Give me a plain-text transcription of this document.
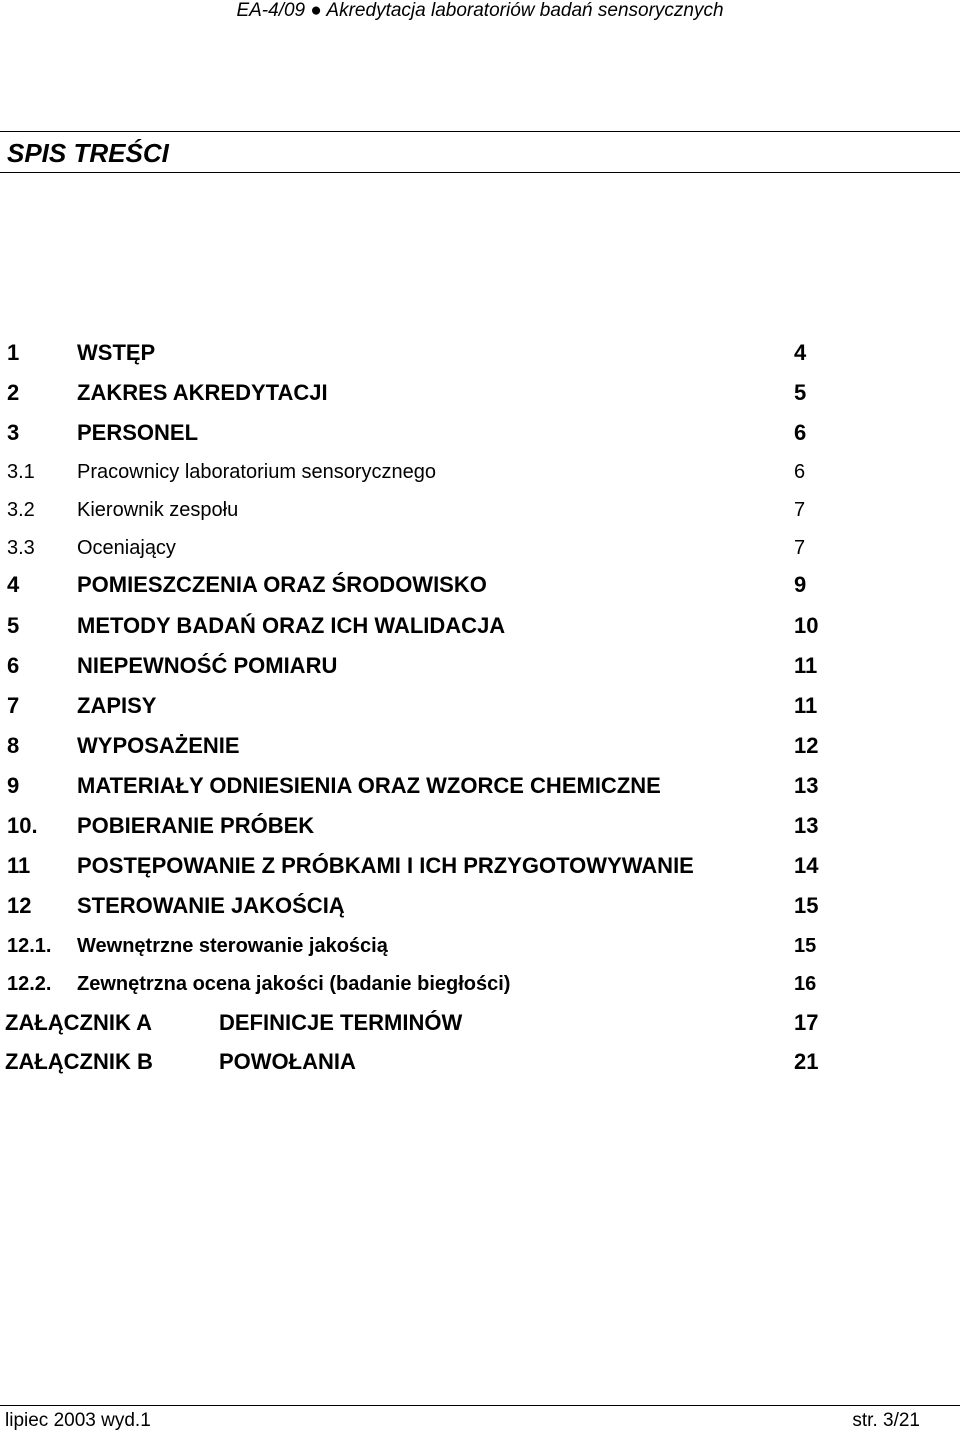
EA-4/09 ● Akredytacja laboratoriów badań sensorycznych
SPIS TREŚCI
1	WSTĘP	4
2	ZAKRES AKREDYTACJI	5
3	PERSONEL	6
3.1 Pracownicy laboratorium sensorycznego	6
3.2 Kierownik zespołu	7
3.3 Oceniający	7
4	POMIESZCZENIA ORAZ ŚRODOWISKO	9
5	METODY BADAŃ ORAZ ICH WALIDACJA	10
6	NIEPEWNOŚĆ POMIARU	11
7	ZAPISY	11
8	WYPOSAŻENIE	12
9	MATERIAŁY ODNIESIENIA ORAZ WZORCE CHEMICZNE	13
10. POBIERANIE PRÓBEK	13
11 POSTĘPOWANIE Z PRÓBKAMI I ICH PRZYGOTOWYWANIE	14
12 STEROWANIE JAKOŚCIĄ	15
12.1. Wewnętrzne sterowanie jakością	15
12.2. Zewnętrzna ocena jakości (badanie biegłości)	16
ZAŁĄCZNIK A	DEFINICJE TERMINÓW	17
ZAŁĄCZNIK B	POWOŁANIA	21
lipiec 2003 wyd.1	str. 3/21
